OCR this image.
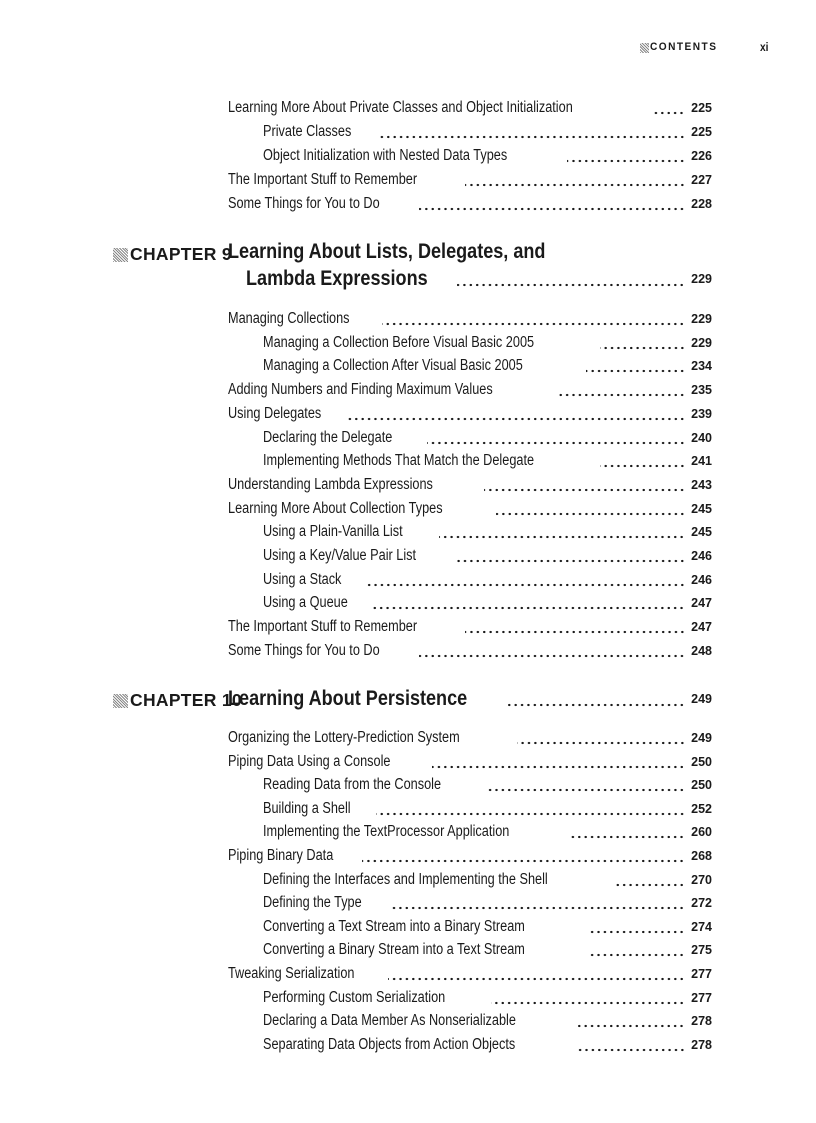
CONTENTS	xi
Learning More About Private Classes and Object Initialization	225
Private Classes	225
Object Initialization with Nested Data Types	226
The Important Stuff to Remember	227
Some Things for You to Do	228
CHAPTER 9
Learning About Lists, Delegates, and
Lambda Expressions	229
Managing Collections	229
Managing a Collection Before Visual Basic 2005	229
Managing a Collection After Visual Basic 2005	234
Adding Numbers and Finding Maximum Values	235
Using Delegates	239
Declaring the Delegate	240
Implementing Methods That Match the Delegate	241
Understanding Lambda Expressions	243
Learning More About Collection Types	245
Using a Plain-Vanilla List	245
Using a Key/Value Pair List	246
Using a Stack	246
Using a Queue	247
The Important Stuff to Remember	247
Some Things for You to Do	248
CHAPTER 10
Learning About Persistence	249
Organizing the Lottery-Prediction System	249
Piping Data Using a Console	250
Reading Data from the Console	250
Building a Shell	252
Implementing the TextProcessor Application	260
Piping Binary Data	268
Defining the Interfaces and Implementing the Shell	270
Defining the Type	272
Converting a Text Stream into a Binary Stream	274
Converting a Binary Stream into a Text Stream	275
Tweaking Serialization	277
Performing Custom Serialization	277
Declaring a Data Member As Nonserializable	278
Separating Data Objects from Action Objects	278
